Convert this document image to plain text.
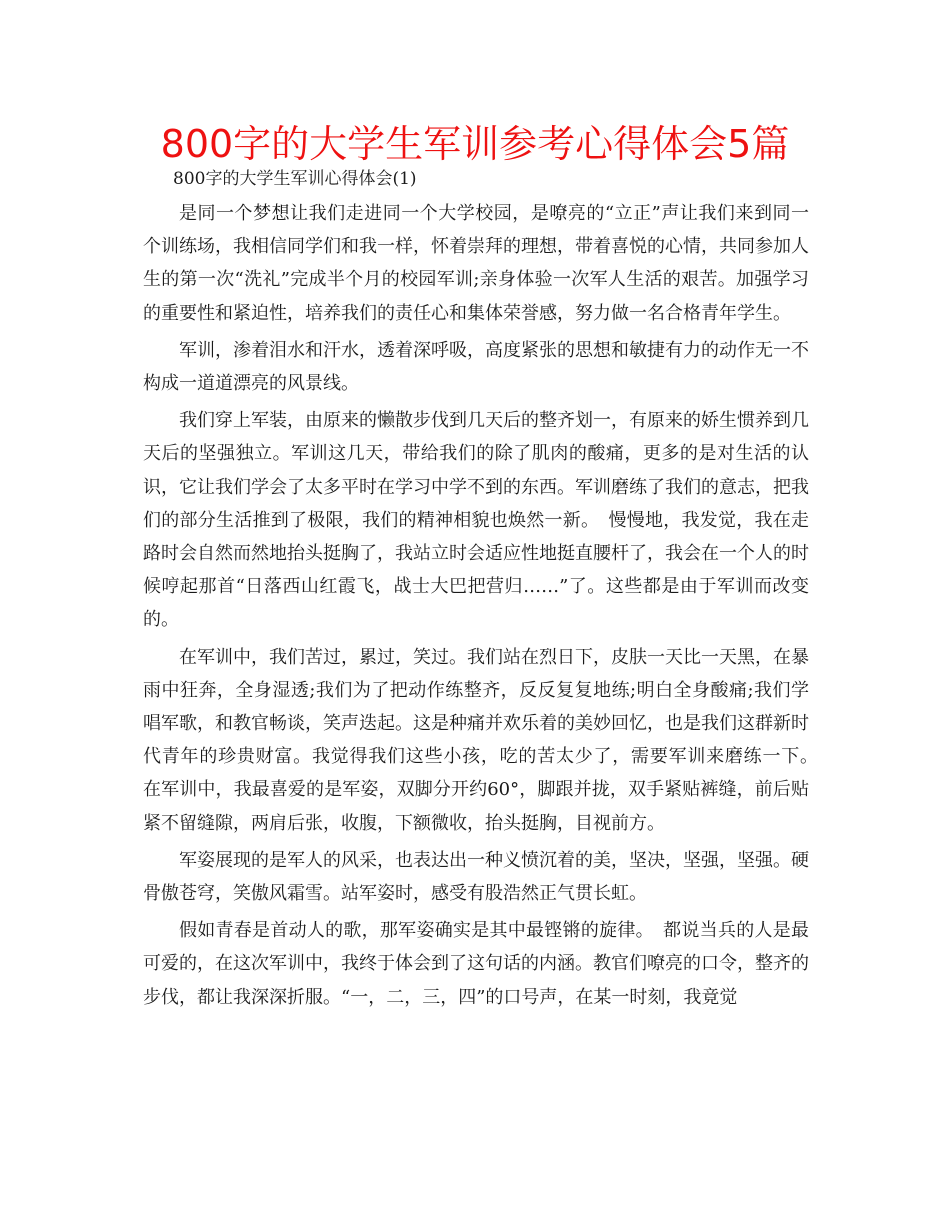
800字的大学生军训参考心得体会5篇

800字的大学生军训心得体会(1)

是同一个梦想让我们走进同一个大学校园，是嘹亮的“立正”声让我们来到同一个训练场，我相信同学们和我一样，怀着崇拜的理想，带着喜悦的心情，共同参加人生的第一次“洗礼”完成半个月的校园军训;亲身体验一次军人生活的艰苦。加强学习的重要性和紧迫性，培养我们的责任心和集体荣誉感，努力做一名合格青年学生。

军训，渗着泪水和汗水，透着深呼吸，高度紧张的思想和敏捷有力的动作无一不构成一道道漂亮的风景线。

我们穿上军装，由原来的懒散步伐到几天后的整齐划一，有原来的娇生惯养到几天后的坚强独立。军训这几天，带给我们的除了肌肉的酸痛，更多的是对生活的认识，它让我们学会了太多平时在学习中学不到的东西。军训磨练了我们的意志，把我们的部分生活推到了极限，我们的精神相貌也焕然一新。　慢慢地，我发觉，我在走路时会自然而然地抬头挺胸了，我站立时会适应性地挺直腰杆了，我会在一个人的时候哼起那首“日落西山红霞飞，战士大巴把营归……”了。这些都是由于军训而改变的。

在军训中，我们苦过，累过，笑过。我们站在烈日下，皮肤一天比一天黑，在暴雨中狂奔，全身湿透;我们为了把动作练整齐，反反复复地练;明白全身酸痛;我们学唱军歌，和教官畅谈，笑声迭起。这是种痛并欢乐着的美妙回忆，也是我们这群新时代青年的珍贵财富。我觉得我们这些小孩，吃的苦太少了，需要军训来磨练一下。　在军训中，我最喜爱的是军姿，双脚分开约60°，脚跟并拢，双手紧贴裤缝，前后贴紧不留缝隙，两肩后张，收腹，下额微收，抬头挺胸，目视前方。

军姿展现的是军人的风采，也表达出一种义愤沉着的美，坚决，坚强，坚强。硬骨傲苍穹，笑傲风霜雪。站军姿时，感受有股浩然正气贯长虹。

假如青春是首动人的歌，那军姿确实是其中最铿锵的旋律。　都说当兵的人是最可爱的，在这次军训中，我终于体会到了这句话的内涵。教官们嘹亮的口令，整齐的步伐，都让我深深折服。“一，二，三，四”的口号声，在某一时刻，我竟觉
